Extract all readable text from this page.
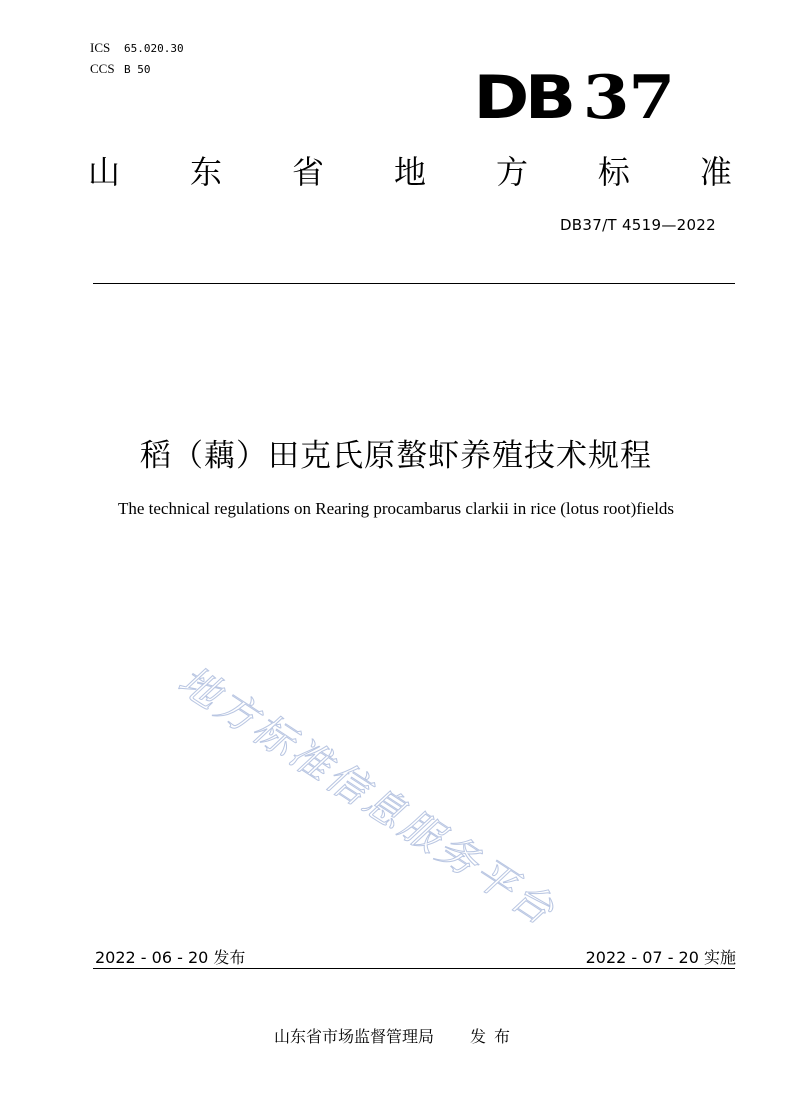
ICS	65.020.30
CCS B 50	DB 37
山 东 省 地 方 标 准
DB37/T 4519—2022
稻（藕）田克氏原螯虾养殖技术规程
The technical regulations on Rearing procambarus clarkii in rice (lotus root)fields
地方标准信息服务平台
2022 - 06 - 20 发布	2022 - 07 - 20 实施
山东省市场监督管理局 发布
